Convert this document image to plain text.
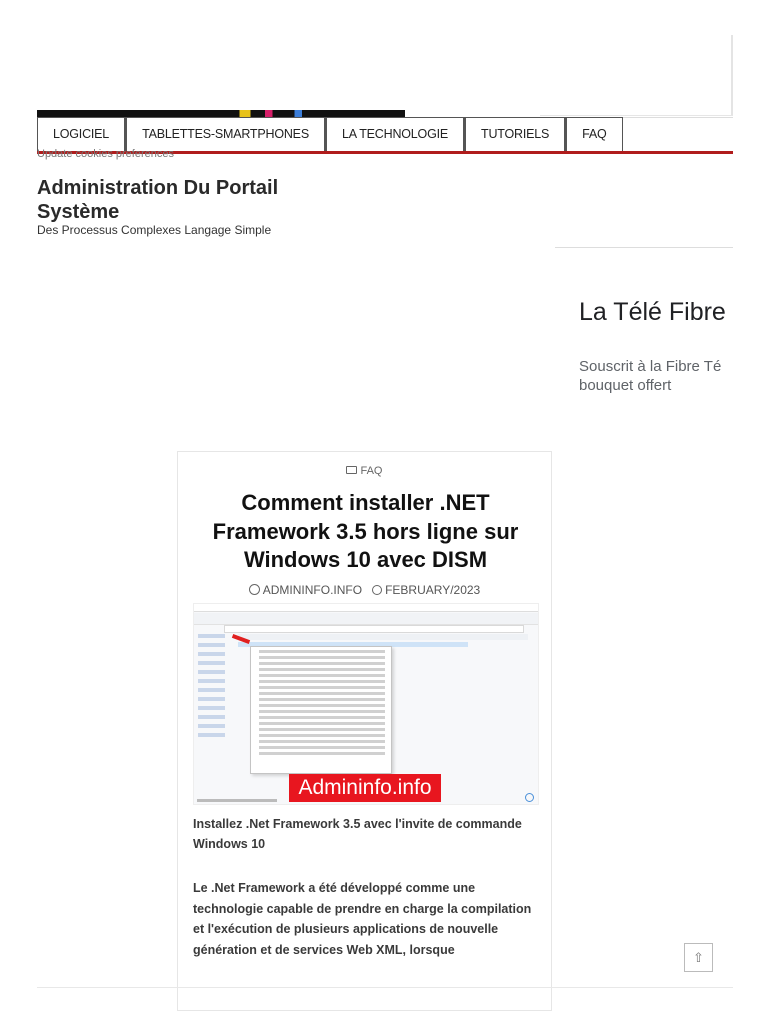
LOGICIEL	TABLETTES-SMARTPHONES	LA TECHNOLOGIE	TUTORIELS	FAQ
Update cookies preferences
Administration Du Portail Système
Des Processus Complexes Langage Simple
La Télé Fibre
Souscrit à la Fibre Té
bouquet offert
FAQ
Comment installer .NET Framework 3.5 hors ligne sur Windows 10 avec DISM
ADMININFO.INFO FEBRUARY/2023
Admininfo.info

Installez .Net Framework 3.5 avec l'invite de commande Windows 10

Le .Net Framework a été développé comme une technologie capable de prendre en charge la compilation et l'exécution de plusieurs applications de nouvelle génération et de services Web XML, lorsque

⇧
